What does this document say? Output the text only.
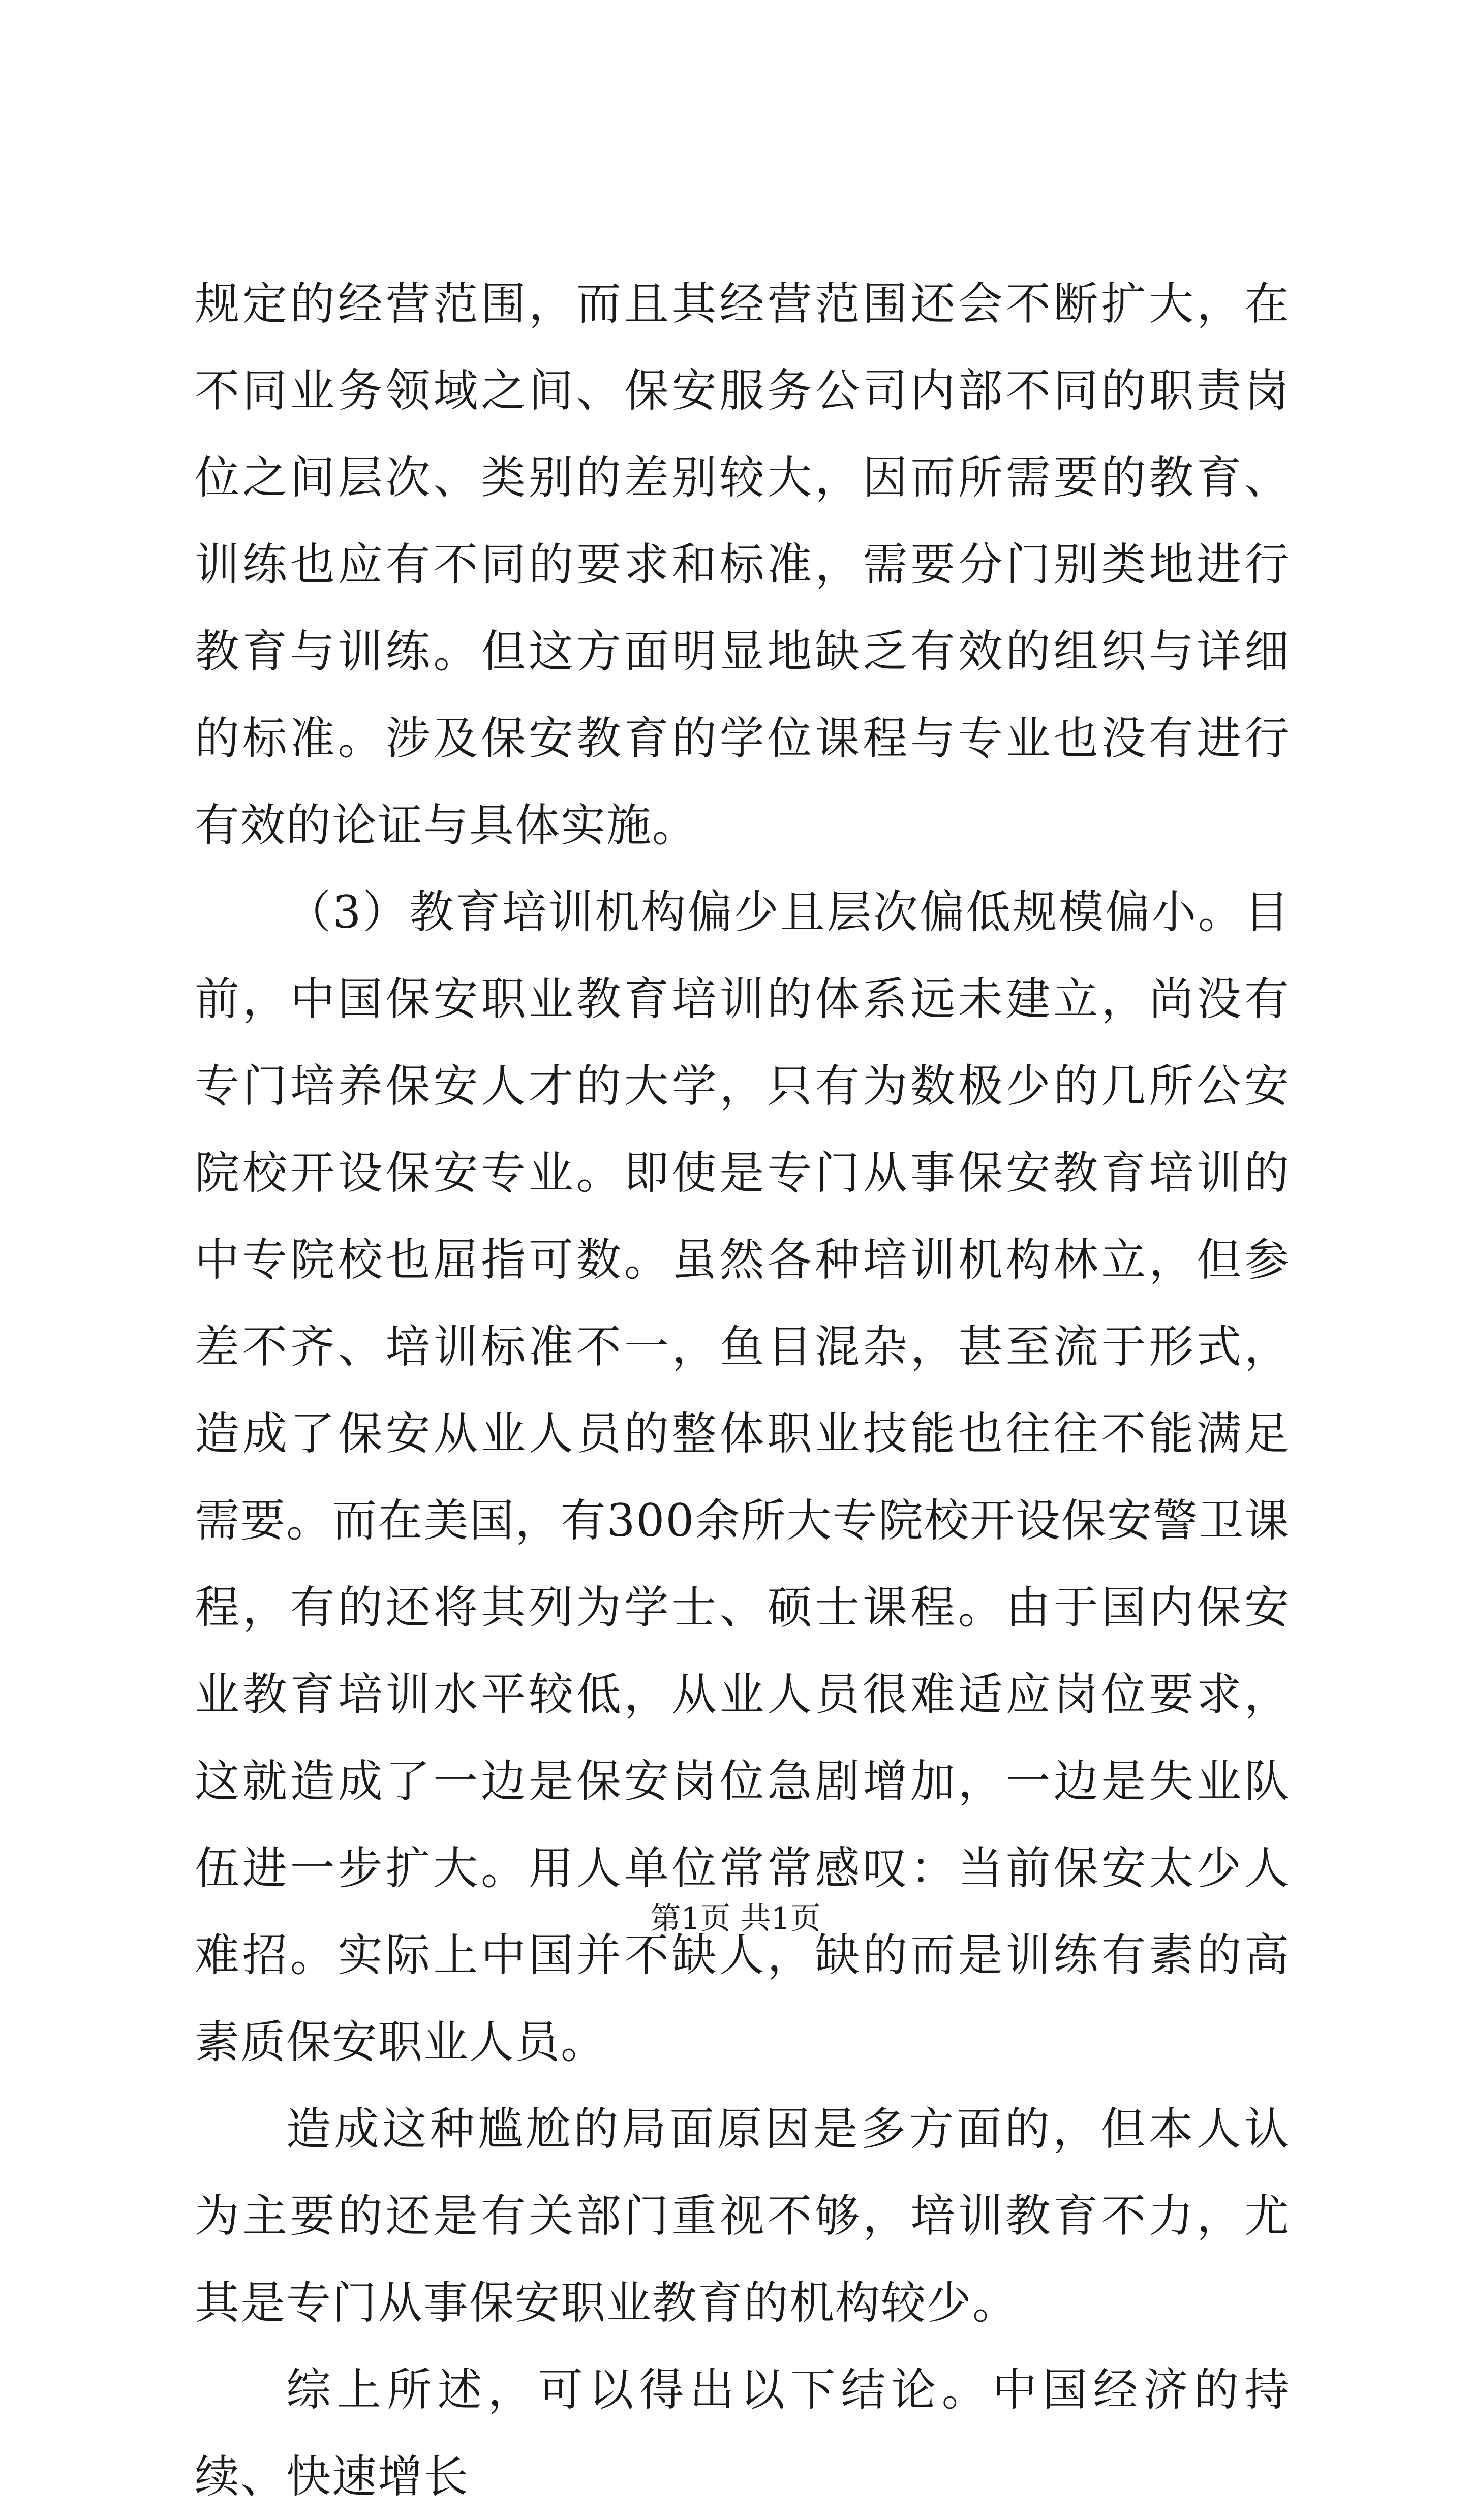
规定的经营范围，而且其经营范围还会不断扩大，在不同业务领域之间、保安服务公司内部不同的职责岗位之间层次、类别的差别较大，因而所需要的教育、训练也应有不同的要求和标准，需要分门别类地进行教育与训练。但这方面明显地缺乏有效的组织与详细的标准。涉及保安教育的学位课程与专业也没有进行有效的论证与具体实施。

（3）教育培训机构偏少且层次偏低规模偏小。目前，中国保安职业教育培训的体系远未建立，尚没有专门培养保安人才的大学，只有为数极少的几所公安院校开设保安专业。即使是专门从事保安教育培训的中专院校也屈指可数。虽然各种培训机构林立，但参差不齐、培训标准不一，鱼目混杂，甚至流于形式，造成了保安从业人员的整体职业技能也往往不能满足需要。而在美国，有300余所大专院校开设保安警卫课程，有的还将其列为学士、硕士课程。由于国内保安业教育培训水平较低，从业人员很难适应岗位要求，这就造成了一边是保安岗位急剧增加，一边是失业队伍进一步扩大。用人单位常常感叹：当前保安太少人难招。实际上中国并不缺人，缺的而是训练有素的高素质保安职业人员。

造成这种尴尬的局面原因是多方面的，但本人认为主要的还是有关部门重视不够，培训教育不力，尤其是专门从事保安职业教育的机构较少。

综上所述，可以得出以下结论。中国经济的持续、快速增长

第1页 共1页
